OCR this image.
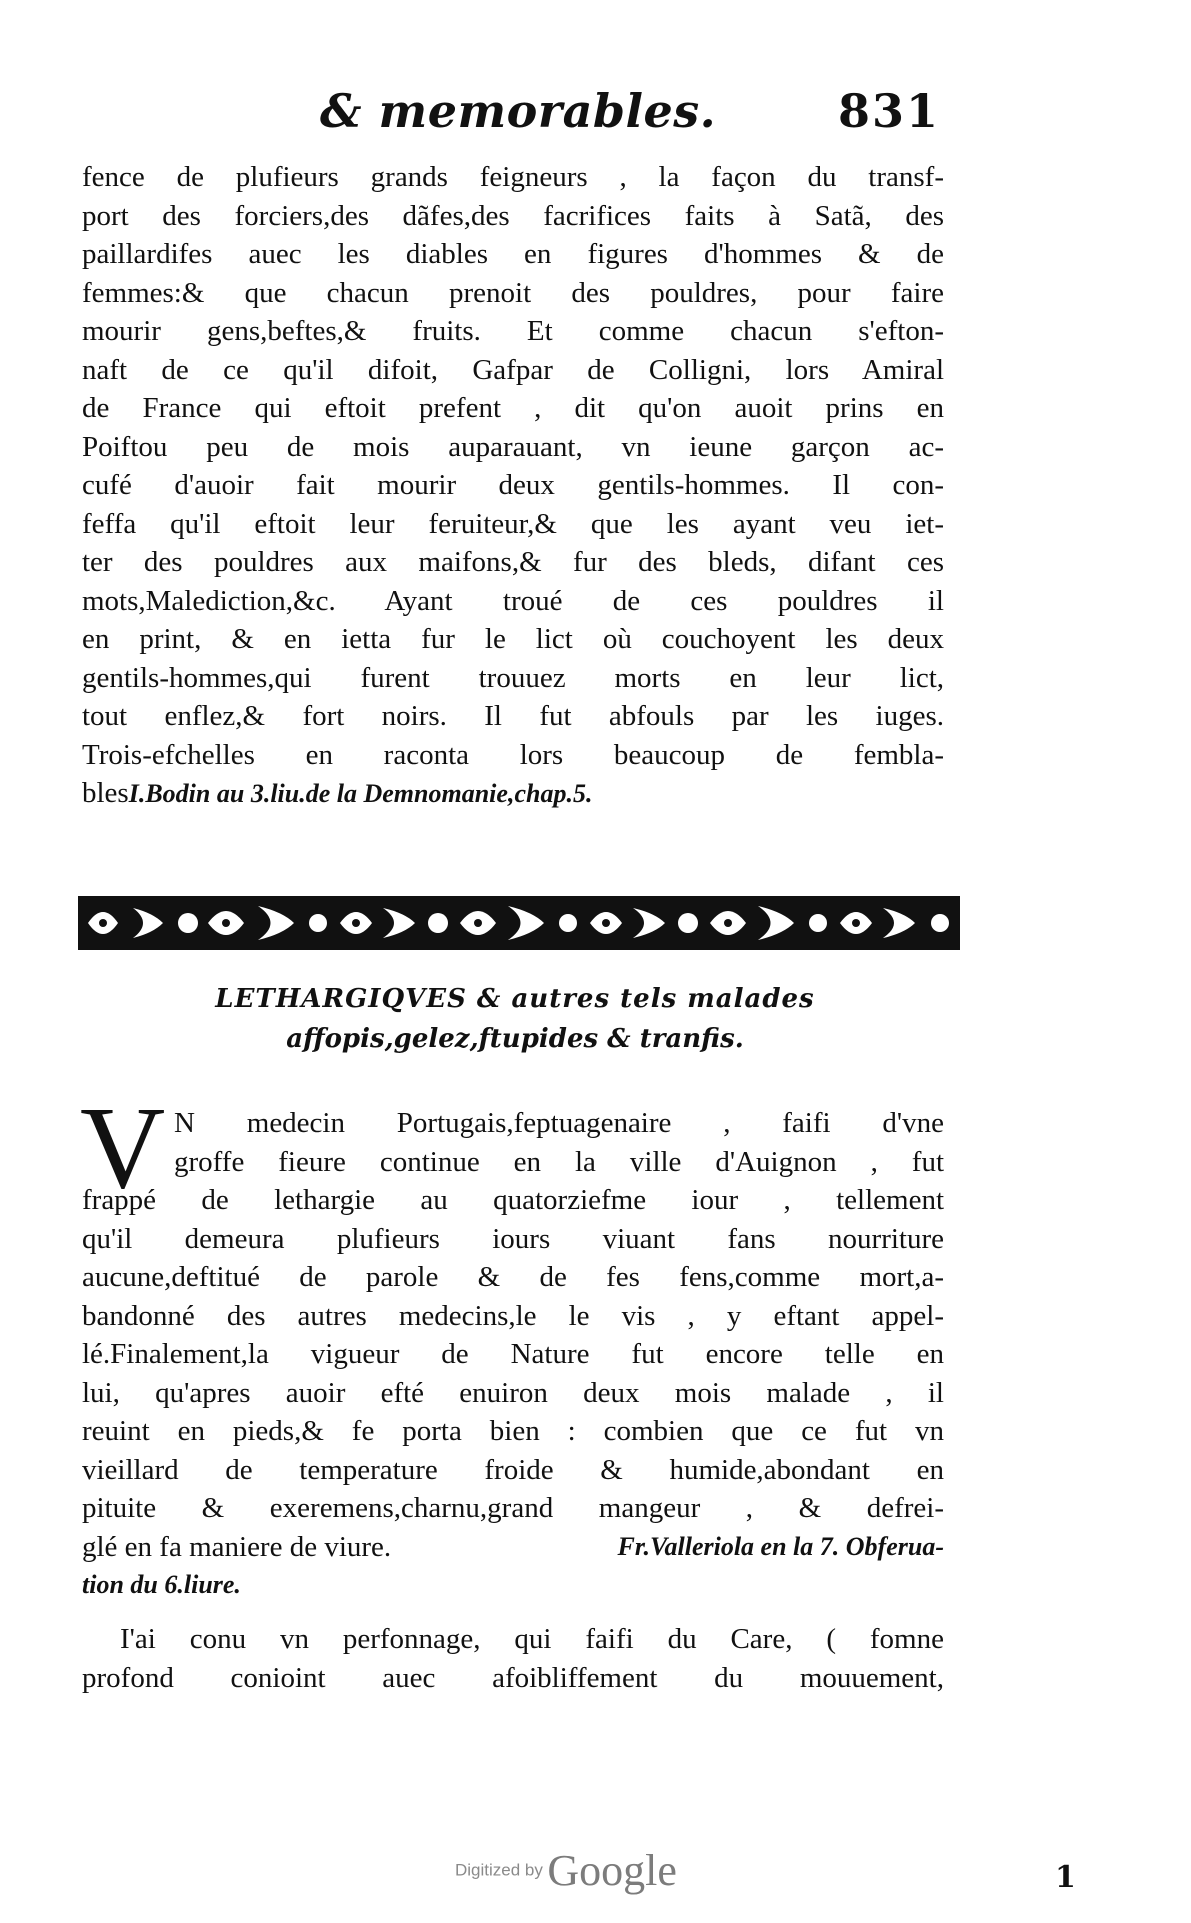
& memorables.	831
fence de plufieurs grands feigneurs , la façon du transf-
port des forciers,des dãfes,des facrifices faits à Satã, des
paillardifes auec les diables en figures d'hommes & de
femmes:& que chacun prenoit des pouldres, pour faire
mourir gens,beftes,& fruits. Et comme chacun s'efton-
naft de ce qu'il difoit, Gafpar de Colligni, lors Amiral
de France qui eftoit prefent , dit qu'on auoit prins en
Poiftou peu de mois auparauant, vn ieune garçon ac-
cufé d'auoir fait mourir deux gentils-hommes. Il con-
feffa qu'il eftoit leur feruiteur,& que les ayant veu iet-
ter des pouldres aux maifons,& fur des bleds, difant ces
mots,Malediction,&c. Ayant troué de ces pouldres il
en print, & en ietta fur le lict où couchoyent les deux
gentils-hommes,qui furent trouuez morts en leur lict,
tout enflez,& fort noirs. Il fut abfouls par les iuges.
Trois-efchelles en raconta lors beaucoup de fembla-
blesI.Bodin au 3.liu.de la Demnomanie,chap.5.
LETHARGIQVES & autres tels malades
affopis,gelez,ftupides & tranfis.
V N medecin Portugais,feptuagenaire , faifi d'vne
groffe fieure continue en la ville d'Auignon , fut
frappé de lethargie au quatorziefme iour , tellement
qu'il demeura plufieurs iours viuant fans nourriture
aucune,deftitué de parole & de fes fens,comme mort,a-
bandonné des autres medecins,le le vis , y eftant appel-
lé.Finalement,la vigueur de Nature fut encore telle en
lui, qu'apres auoir efté enuiron deux mois malade , il
reuint en pieds,& fe porta bien : combien que ce fut vn
vieillard de temperature froide & humide,abondant en
pituite & exeremens,charnu,grand mangeur , & defrei-
glé en fa maniere de viure.	Fr.Valleriola en la 7. Obferua-
tion du 6.liure.
I'ai conu vn perfonnage, qui faifi du Care, ( fomne
profond conioint auec afoibliffement du mouuement,
Digitized by Google	1
